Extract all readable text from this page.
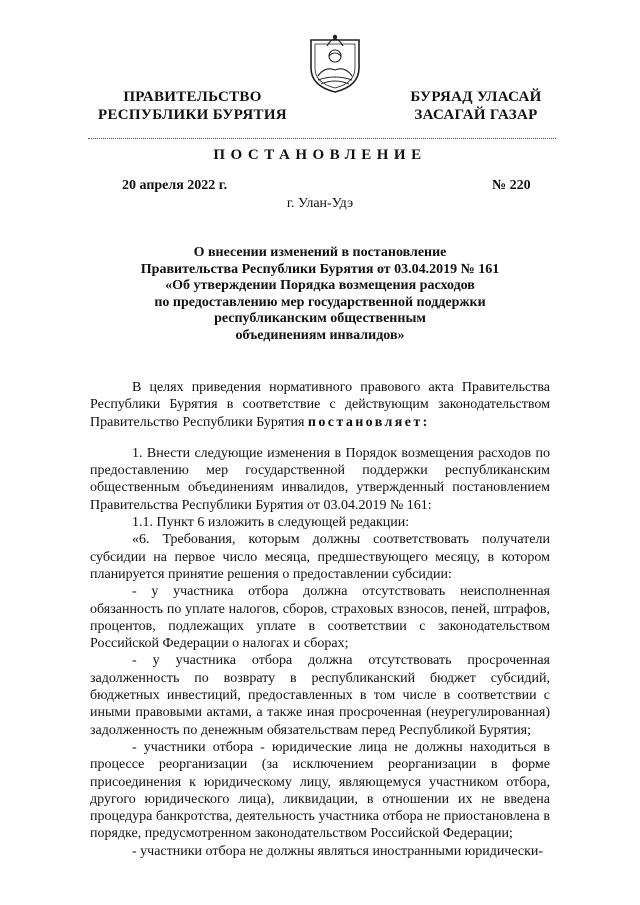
ПРАВИТЕЛЬСТВО
РЕСПУБЛИКИ БУРЯТИЯ
БУРЯАД УЛАСАЙ
ЗАСАГАЙ ГАЗАР
ПОСТАНОВЛЕНИЕ
20 апреля 2022 г.	№ 220
г. Улан-Удэ
О внесении изменений в постановление
Правительства Республики Бурятия от 03.04.2019 № 161
«Об утверждении Порядка возмещения расходов
по предоставлению мер государственной поддержки
республиканским общественным
объединениям инвалидов»

В целях приведения нормативного правового акта Правительства Республики Бурятия в соответствие с действующим законодательством Правительство Республики Бурятия постановляет:

1. Внести следующие изменения в Порядок возмещения расходов по предоставлению мер государственной поддержки республиканским общественным объединениям инвалидов, утвержденный постановлением Правительства Республики Бурятия от 03.04.2019 № 161:

1.1. Пункт 6 изложить в следующей редакции:

«6. Требования, которым должны соответствовать получатели субсидии на первое число месяца, предшествующего месяцу, в котором планируется принятие решения о предоставлении субсидии:

- у участника отбора должна отсутствовать неисполненная обязанность по уплате налогов, сборов, страховых взносов, пеней, штрафов, процентов, подлежащих уплате в соответствии с законодательством Российской Федерации о налогах и сборах;

- у участника отбора должна отсутствовать просроченная задолженность по возврату в республиканский бюджет субсидий, бюджетных инвестиций, предоставленных в том числе в соответствии с иными правовыми актами, а также иная просроченная (неурегулированная) задолженность по денежным обязательствам перед Республикой Бурятия;

- участники отбора - юридические лица не должны находиться в процессе реорганизации (за исключением реорганизации в форме присоединения к юридическому лицу, являющемуся участником отбора, другого юридического лица), ликвидации, в отношении их не введена процедура банкротства, деятельность участника отбора не приостановлена в порядке, предусмотренном законодательством Российской Федерации;

- участники отбора не должны являться иностранными юридически-
